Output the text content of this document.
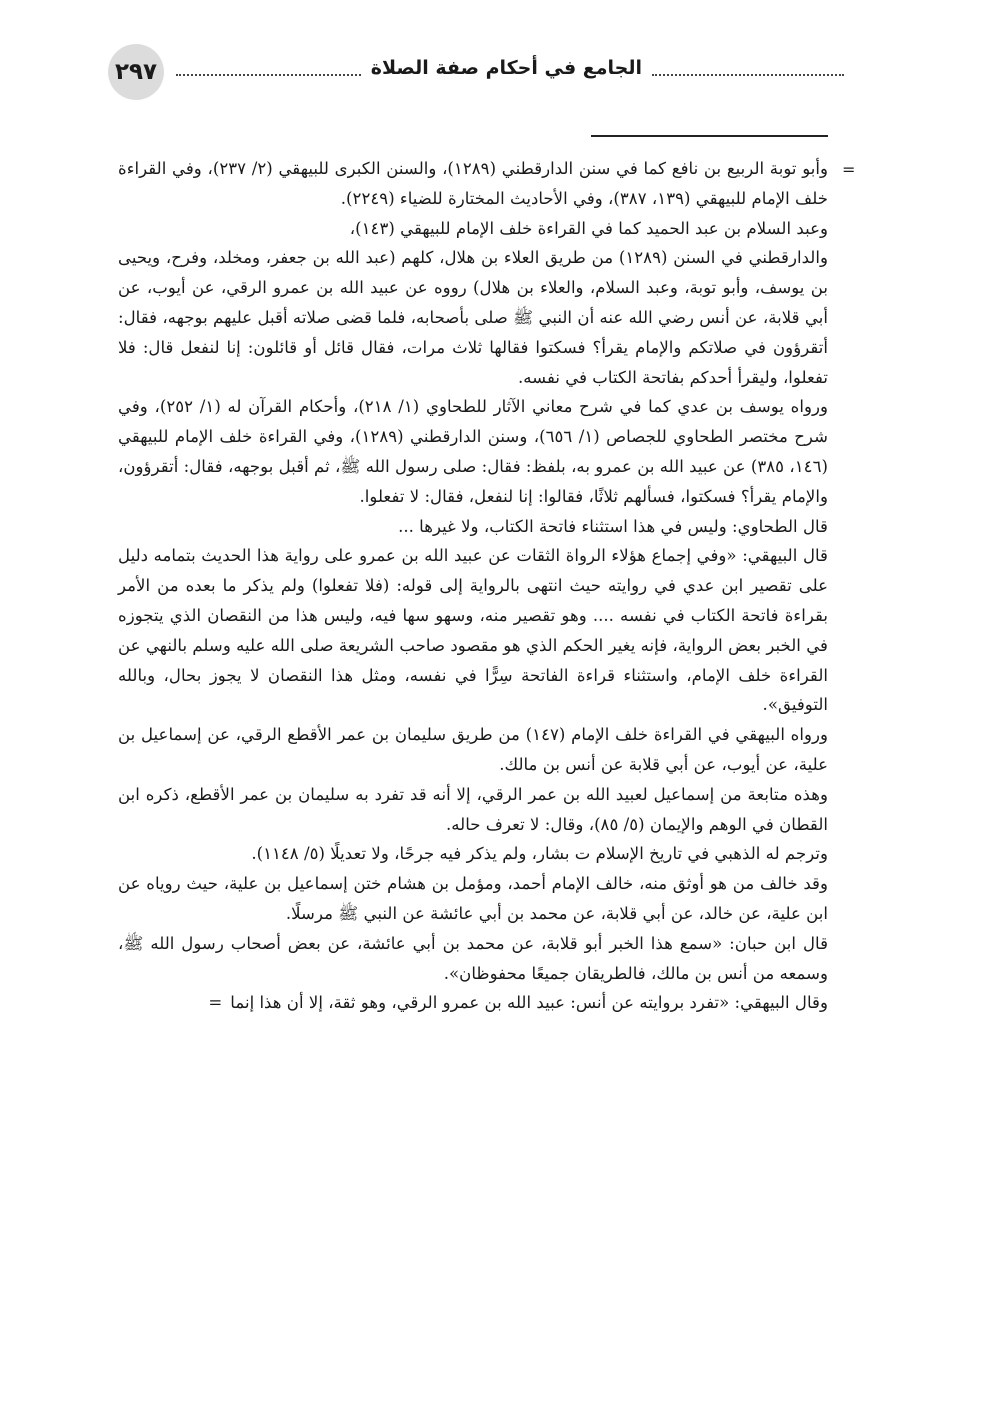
٢٩٧	الجامع في أحكام صفة الصلاة
=

وأبو توبة الربيع بن نافع كما في سنن الدارقطني (١٢٨٩)، والسنن الكبرى للبيهقي (٢/ ٢٣٧)، وفي القراءة خلف الإمام للبيهقي (١٣٩، ٣٨٧)، وفي الأحاديث المختارة للضياء (٢٢٤٩).

وعبد السلام بن عبد الحميد كما في القراءة خلف الإمام للبيهقي (١٤٣)،

والدارقطني في السنن (١٢٨٩) من طريق العلاء بن هلال، كلهم (عبد الله بن جعفر، ومخلد، وفرح، ويحيى بن يوسف، وأبو توبة، وعبد السلام، والعلاء بن هلال) رووه عن عبيد الله بن عمرو الرقي، عن أيوب، عن أبي قلابة، عن أنس رضي الله عنه أن النبي ﷺ صلى بأصحابه، فلما قضى صلاته أقبل عليهم بوجهه، فقال: أتقرؤون في صلاتكم والإمام يقرأ؟ فسكتوا فقالها ثلاث مرات، فقال قائل أو قائلون: إنا لنفعل قال: فلا تفعلوا، وليقرأ أحدكم بفاتحة الكتاب في نفسه.

ورواه يوسف بن عدي كما في شرح معاني الآثار للطحاوي (١/ ٢١٨)، وأحكام القرآن له (١/ ٢٥٢)، وفي شرح مختصر الطحاوي للجصاص (١/ ٦٥٦)، وسنن الدارقطني (١٢٨٩)، وفي القراءة خلف الإمام للبيهقي (١٤٦، ٣٨٥) عن عبيد الله بن عمرو به، بلفظ: فقال: صلى رسول الله ﷺ، ثم أقبل بوجهه، فقال: أتقرؤون، والإمام يقرأ؟ فسكتوا، فسألهم ثلاثًا، فقالوا: إنا لنفعل، فقال: لا تفعلوا.

قال الطحاوي: وليس في هذا استثناء فاتحة الكتاب، ولا غيرها ...

قال البيهقي: «وفي إجماع هؤلاء الرواة الثقات عن عبيد الله بن عمرو على رواية هذا الحديث بتمامه دليل على تقصير ابن عدي في روايته حيث انتهى بالرواية إلى قوله: (فلا تفعلوا) ولم يذكر ما بعده من الأمر بقراءة فاتحة الكتاب في نفسه .... وهو تقصير منه، وسهو سها فيه، وليس هذا من النقصان الذي يتجوزه في الخبر بعض الرواية، فإنه يغير الحكم الذي هو مقصود صاحب الشريعة صلى الله عليه وسلم بالنهي عن القراءة خلف الإمام، واستثناء قراءة الفاتحة سِرًّا في نفسه، ومثل هذا النقصان لا يجوز بحال، وبالله التوفيق».

ورواه البيهقي في القراءة خلف الإمام (١٤٧) من طريق سليمان بن عمر الأقطع الرقي، عن إسماعيل بن علية، عن أيوب، عن أبي قلابة عن أنس بن مالك.

وهذه متابعة من إسماعيل لعبيد الله بن عمر الرقي، إلا أنه قد تفرد به سليمان بن عمر الأقطع، ذكره ابن القطان في الوهم والإيمان (٥/ ٨٥)، وقال: لا تعرف حاله.

وترجم له الذهبي في تاريخ الإسلام ت بشار، ولم يذكر فيه جرحًا، ولا تعديلًا (٥/ ١١٤٨).

وقد خالف من هو أوثق منه، خالف الإمام أحمد، ومؤمل بن هشام ختن إسماعيل بن علية، حيث روياه عن ابن علية، عن خالد، عن أبي قلابة، عن محمد بن أبي عائشة عن النبي ﷺ مرسلًا.

قال ابن حبان: «سمع هذا الخبر أبو قلابة، عن محمد بن أبي عائشة، عن بعض أصحاب رسول الله ﷺ، وسمعه من أنس بن مالك، فالطريقان جميعًا محفوظان».

وقال البيهقي: «تفرد بروايته عن أنس: عبيد الله بن عمرو الرقي، وهو ثقة، إلا أن هذا إنما=
